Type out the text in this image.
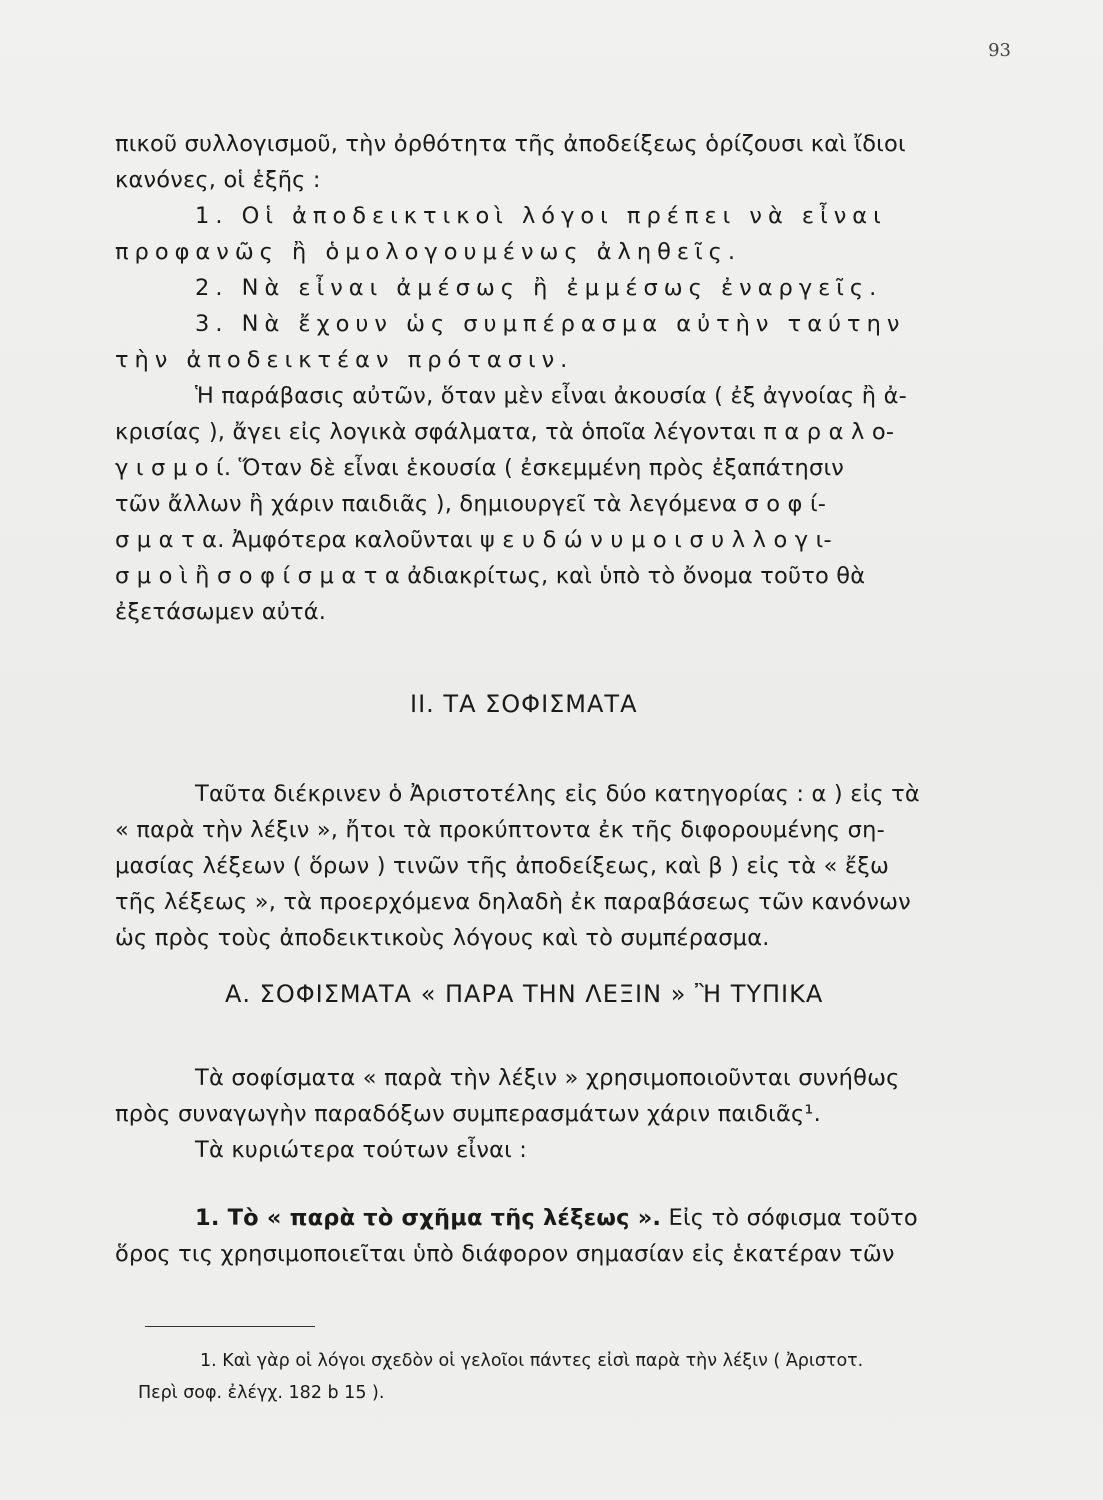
93
πικοῦ συλλογισμοῦ, τὴν ὀρθότητα τῆς ἀποδείξεως ὁρίζουσι καὶ ἴδιοι
κανόνες, οἱ ἑξῆς :
1. Οἱ ἀποδεικτικοὶ λόγοι πρέπει νὰ εἶναι
προφανῶς ἢ ὁμολογουμένως ἀληθεῖς.
2. Νὰ εἶναι ἀμέσως ἢ ἐμμέσως ἐναργεῖς.
3. Νὰ ἔχουν ὡς συμπέρασμα αὐτὴν ταύτην
τὴν ἀποδεικτέαν πρότασιν.
Ἡ παράβασις αὐτῶν, ὅταν μὲν εἶναι ἀκουσία ( ἐξ ἀγνοίας ἢ ἀ-
κρισίας ), ἄγει εἰς λογικὰ σφάλματα, τὰ ὁποῖα λέγονται π α ρ α λ ο-
γ ι σ μ ο ί. Ὅταν δὲ εἶναι ἑκουσία ( ἐσκεμμένη πρὸς ἐξαπάτησιν
τῶν ἄλλων ἢ χάριν παιδιᾶς ), δημιουργεῖ τὰ λεγόμενα σ ο φ ί-
σ μ α τ α. Ἀμφότερα καλοῦνται ψ ε υ δ ώ ν υ μ ο ι σ υ λ λ ο γ ι-
σ μ ο ὶ ἢ σ ο φ ί σ μ α τ α ἀδιακρίτως, καὶ ὑπὸ τὸ ὄνομα τοῦτο θὰ
ἐξετάσωμεν αὐτά.
ΙΙ. ΤΑ ΣΟΦΙΣΜΑΤΑ
Ταῦτα διέκρινεν ὁ Ἀριστοτέλης εἰς δύο κατηγορίας : α ) εἰς τὰ
« παρὰ τὴν λέξιν », ἤτοι τὰ προκύπτοντα ἐκ τῆς διφορουμένης ση-
μασίας λέξεων ( ὅρων ) τινῶν τῆς ἀποδείξεως, καὶ β ) εἰς τὰ « ἔξω
τῆς λέξεως », τὰ προερχόμενα δηλαδὴ ἐκ παραβάσεως τῶν κανόνων
ὡς πρὸς τοὺς ἀποδεικτικοὺς λόγους καὶ τὸ συμπέρασμα.
Α. ΣΟΦΙΣΜΑΤΑ « ΠΑΡΑ ΤΗΝ ΛΕΞΙΝ » Ἢ ΤΥΠΙΚΑ
Τὰ σοφίσματα « παρὰ τὴν λέξιν » χρησιμοποιοῦνται συνήθως
πρὸς συναγωγὴν παραδόξων συμπερασμάτων χάριν παιδιᾶς¹.
Τὰ κυριώτερα τούτων εἶναι :
1. Τὸ « παρὰ τὸ σχῆμα τῆς λέξεως ». Εἰς τὸ σόφισμα τοῦτο
ὅρος τις χρησιμοποιεῖται ὑπὸ διάφορον σημασίαν εἰς ἑκατέραν τῶν
1. Καὶ γὰρ οἱ λόγοι σχεδὸν οἱ γελοῖοι πάντες εἰσὶ παρὰ τὴν λέξιν ( Ἀριστοτ.
Περὶ σοφ. ἐλέγχ. 182 b 15 ).
